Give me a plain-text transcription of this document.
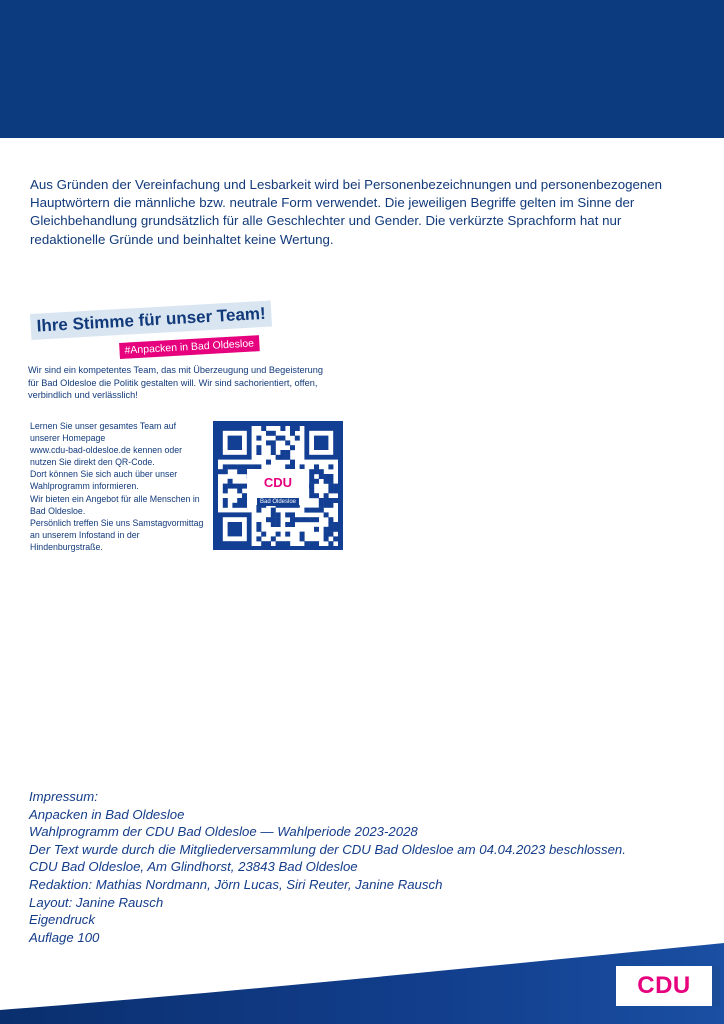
Aus Gründen der Vereinfachung und Lesbarkeit wird bei Personenbezeichnungen und personenbezogenen Hauptwörtern die männliche bzw. neutrale Form verwendet. Die jeweiligen Begriffe gelten im Sinne der Gleichbehandlung grundsätzlich für alle Geschlechter und Gender. Die verkürzte Sprachform hat nur redaktionelle Gründe und beinhaltet keine Wertung.

Ihre Stimme für unser Team!
#Anpacken in Bad Oldesloe

Wir sind ein kompetentes Team, das mit Überzeugung und Begeisterung für Bad Oldesloe die Politik gestalten will. Wir sind sachorientiert, offen, verbindlich und verlässlich!

Lernen Sie unser gesamtes Team auf unserer Homepage
www.cdu-bad-oldesloe.de kennen oder nutzen Sie direkt den QR-Code.
Dort können Sie sich auch über unser Wahlprogramm informieren.
Wir bieten ein Angebot für alle Menschen in Bad Oldesloe.
Persönlich treffen Sie uns Samstagvormittag an unserem Infostand in der Hindenburgstraße.

CDU
Bad Oldesloe
Impressum:
Anpacken in Bad Oldesloe
Wahlprogramm der CDU Bad Oldesloe — Wahlperiode 2023-2028
Der Text wurde durch die Mitgliederversammlung der CDU Bad Oldesloe am 04.04.2023 beschlossen.
CDU Bad Oldesloe, Am Glindhorst, 23843 Bad Oldesloe
Redaktion: Mathias Nordmann, Jörn Lucas, Siri Reuter, Janine Rausch
Layout: Janine Rausch
Eigendruck
Auflage 100
CDU
